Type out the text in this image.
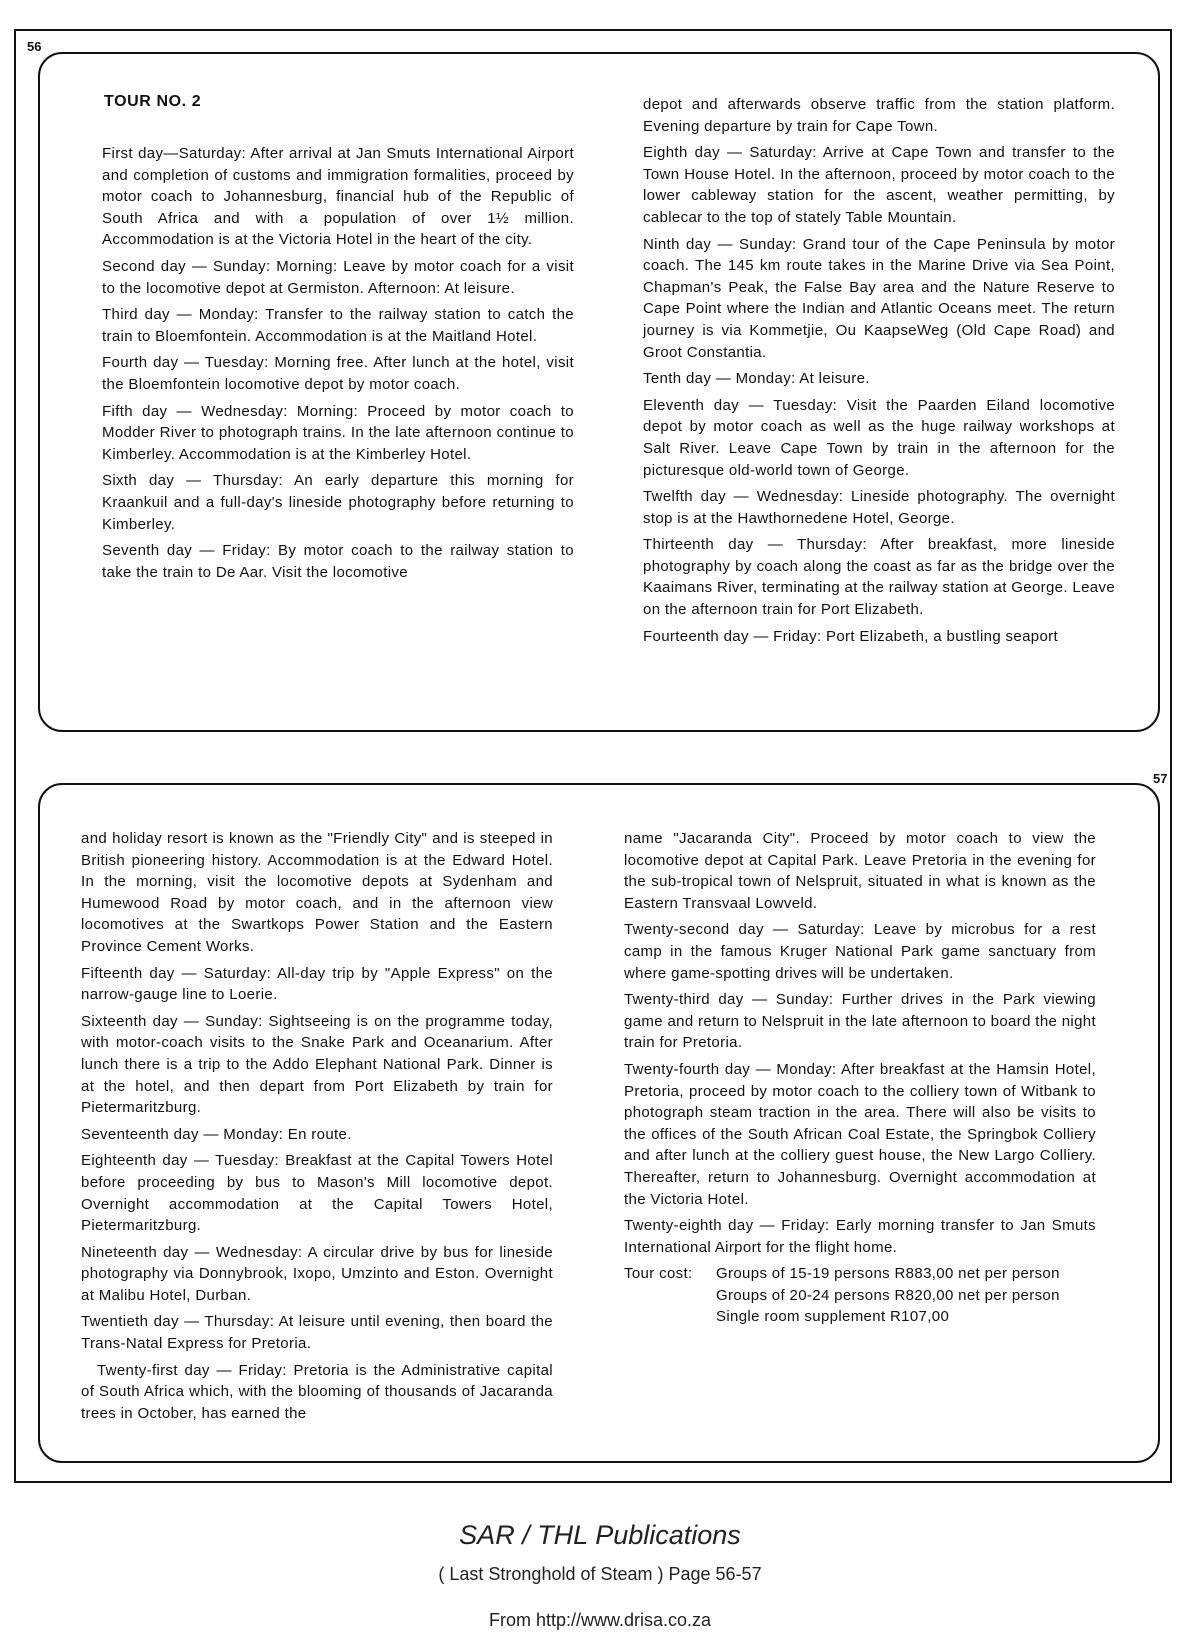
56
57
TOUR NO. 2

First day—Saturday: After arrival at Jan Smuts International Airport and completion of customs and immigration formalities, proceed by motor coach to Johannesburg, financial hub of the Republic of South Africa and with a population of over 1½ million. Accommodation is at the Victoria Hotel in the heart of the city.

Second day — Sunday: Morning: Leave by motor coach for a visit to the locomotive depot at Germiston. Afternoon: At leisure.

Third day — Monday: Transfer to the railway station to catch the train to Bloemfontein. Accommodation is at the Maitland Hotel.

Fourth day — Tuesday: Morning free. After lunch at the hotel, visit the Bloemfontein locomotive depot by motor coach.

Fifth day — Wednesday: Morning: Proceed by motor coach to Modder River to photograph trains. In the late afternoon continue to Kimberley. Accommodation is at the Kimberley Hotel.

Sixth day — Thursday: An early departure this morning for Kraankuil and a full-day's lineside photography before returning to Kimberley.

Seventh day — Friday: By motor coach to the railway station to take the train to De Aar. Visit the locomotive

depot and afterwards observe traffic from the station platform. Evening departure by train for Cape Town.

Eighth day — Saturday: Arrive at Cape Town and transfer to the Town House Hotel. In the afternoon, proceed by motor coach to the lower cableway station for the ascent, weather permitting, by cablecar to the top of stately Table Mountain.

Ninth day — Sunday: Grand tour of the Cape Peninsula by motor coach. The 145 km route takes in the Marine Drive via Sea Point, Chapman's Peak, the False Bay area and the Nature Reserve to Cape Point where the Indian and Atlantic Oceans meet. The return journey is via Kommetjie, Ou KaapseWeg (Old Cape Road) and Groot Constantia.

Tenth day — Monday: At leisure.

Eleventh day — Tuesday: Visit the Paarden Eiland locomotive depot by motor coach as well as the huge railway workshops at Salt River. Leave Cape Town by train in the afternoon for the picturesque old-world town of George.

Twelfth day — Wednesday: Lineside photography. The overnight stop is at the Hawthornedene Hotel, George.

Thirteenth day — Thursday: After breakfast, more lineside photography by coach along the coast as far as the bridge over the Kaaimans River, terminating at the railway station at George. Leave on the afternoon train for Port Elizabeth.

Fourteenth day — Friday: Port Elizabeth, a bustling seaport

and holiday resort is known as the "Friendly City" and is steeped in British pioneering history. Accommodation is at the Edward Hotel. In the morning, visit the locomotive depots at Sydenham and Humewood Road by motor coach, and in the afternoon view locomotives at the Swartkops Power Station and the Eastern Province Cement Works.

Fifteenth day — Saturday: All-day trip by "Apple Express" on the narrow-gauge line to Loerie.

Sixteenth day — Sunday: Sightseeing is on the programme today, with motor-coach visits to the Snake Park and Oceanarium. After lunch there is a trip to the Addo Elephant National Park. Dinner is at the hotel, and then depart from Port Elizabeth by train for Pietermaritzburg.

Seventeenth day — Monday: En route.

Eighteenth day — Tuesday: Breakfast at the Capital Towers Hotel before proceeding by bus to Mason's Mill locomotive depot. Overnight accommodation at the Capital Towers Hotel, Pietermaritzburg.

Nineteenth day — Wednesday: A circular drive by bus for lineside photography via Donnybrook, Ixopo, Umzinto and Eston. Overnight at Malibu Hotel, Durban.

Twentieth day — Thursday: At leisure until evening, then board the Trans-Natal Express for Pretoria.

Twenty-first day — Friday: Pretoria is the Administrative capital of South Africa which, with the blooming of thousands of Jacaranda trees in October, has earned the

name "Jacaranda City". Proceed by motor coach to view the locomotive depot at Capital Park. Leave Pretoria in the evening for the sub-tropical town of Nelspruit, situated in what is known as the Eastern Transvaal Lowveld.

Twenty-second day — Saturday: Leave by microbus for a rest camp in the famous Kruger National Park game sanctuary from where game-spotting drives will be undertaken.

Twenty-third day — Sunday: Further drives in the Park viewing game and return to Nelspruit in the late afternoon to board the night train for Pretoria.

Twenty-fourth day — Monday: After breakfast at the Hamsin Hotel, Pretoria, proceed by motor coach to the colliery town of Witbank to photograph steam traction in the area. There will also be visits to the offices of the South African Coal Estate, the Springbok Colliery and after lunch at the colliery guest house, the New Largo Colliery. Thereafter, return to Johannesburg. Overnight accommodation at the Victoria Hotel.

Twenty-eighth day — Friday: Early morning transfer to Jan Smuts International Airport for the flight home.

Tour cost:	Groups of 15-19 persons R883,00 net per person
Groups of 20-24 persons R820,00 net per person
Single room supplement R107,00
SAR / THL Publications
( Last Stronghold of Steam ) Page 56-57
From http://www.drisa.co.za
